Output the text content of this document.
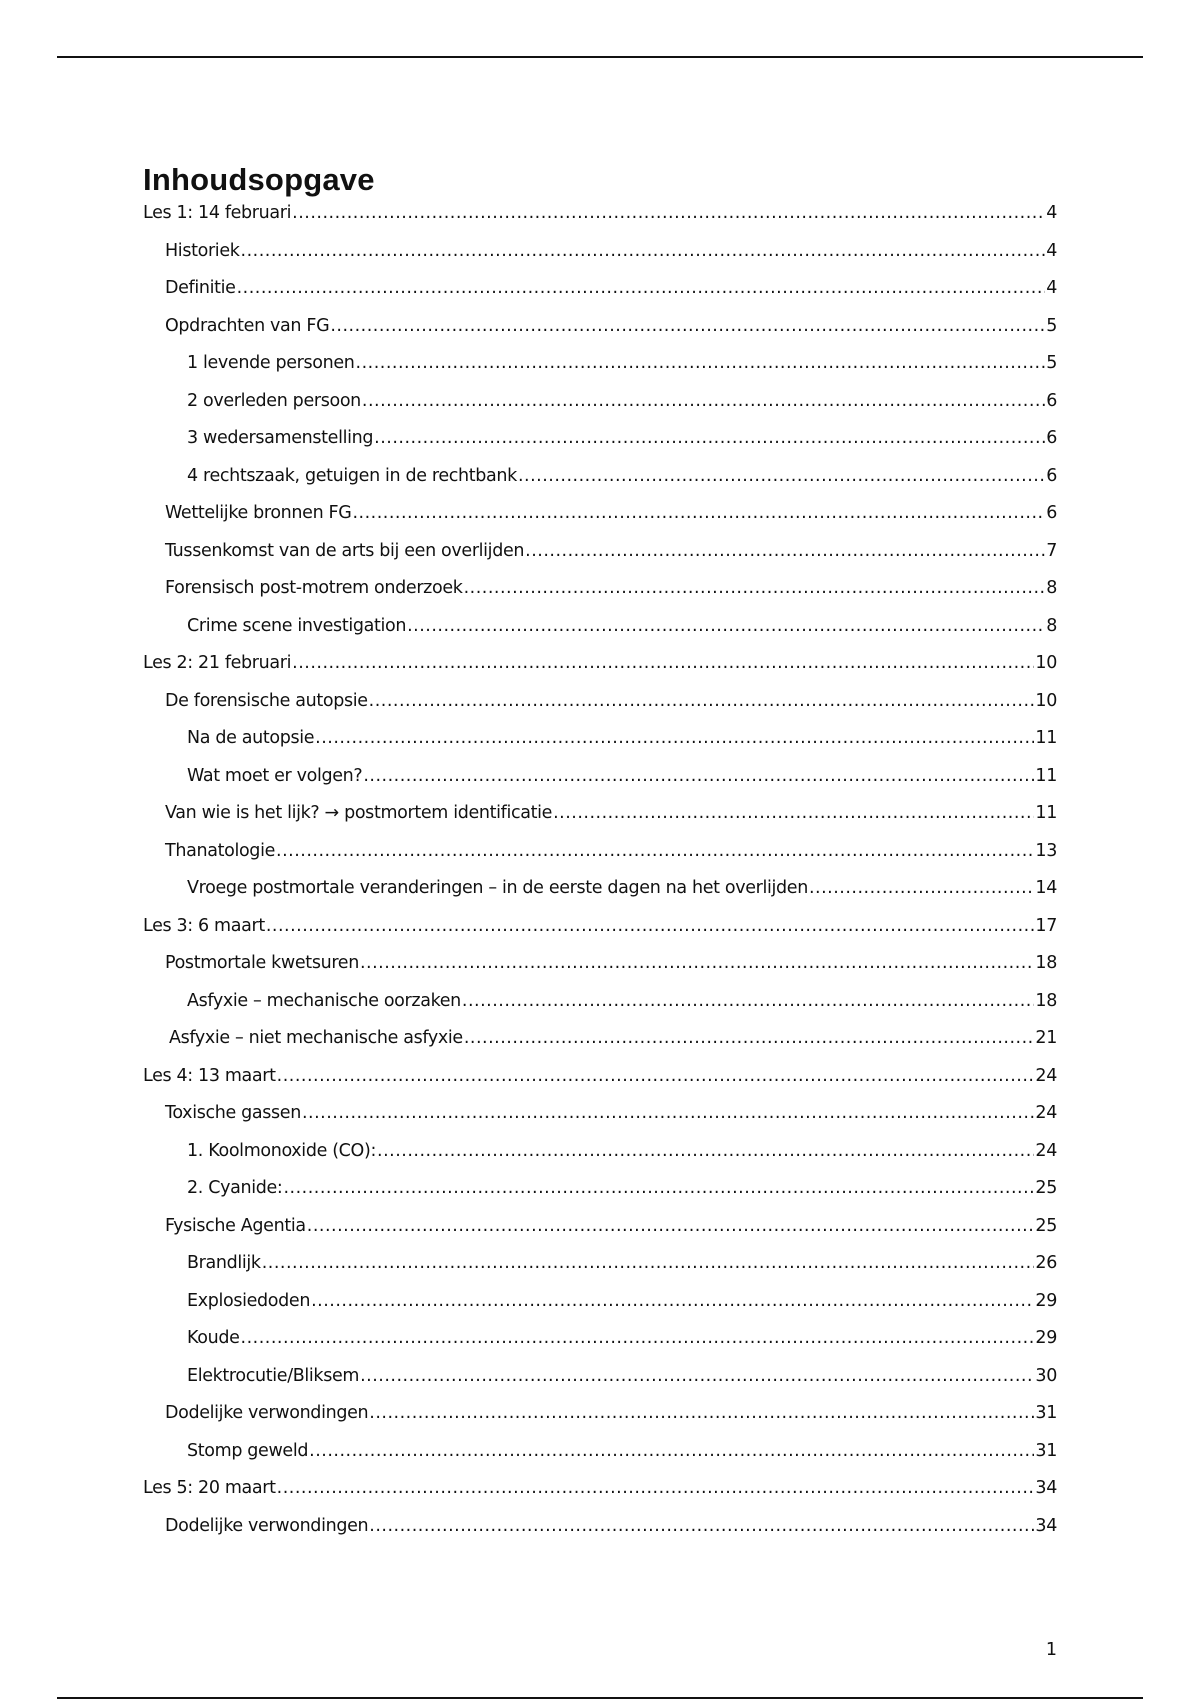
Inhoudsopgave
Les 1: 14 februari .....	4
Historiek .....	4
Definitie .....	4
Opdrachten van FG .....	5
1 levende personen .....	5
2 overleden persoon .....	6
3 wedersamenstelling .....	6
4 rechtszaak, getuigen in de rechtbank .....	6
Wettelijke bronnen FG .....	6
Tussenkomst van de arts bij een overlijden .....	7
Forensisch post-motrem onderzoek .....	8
Crime scene investigation .....	8
Les 2: 21 februari .....	10
De forensische autopsie .....	10
Na de autopsie .....	11
Wat moet er volgen? .....	11
Van wie is het lijk? → postmortem identificatie .....	11
Thanatologie .....	13
Vroege postmortale veranderingen – in de eerste dagen na het overlijden .....	14
Les 3: 6 maart .....	17
Postmortale kwetsuren .....	18
Asfyxie – mechanische oorzaken .....	18
Asfyxie – niet mechanische asfyxie .....	21
Les 4: 13 maart .....	24
Toxische gassen .....	24
1. Koolmonoxide (CO): .....	24
2. Cyanide: .....	25
Fysische Agentia .....	25
Brandlijk .....	26
Explosiedoden .....	29
Koude .....	29
Elektrocutie/Bliksem .....	30
Dodelijke verwondingen .....	31
Stomp geweld .....	31
Les 5: 20 maart .....	34
Dodelijke verwondingen .....	34
1
